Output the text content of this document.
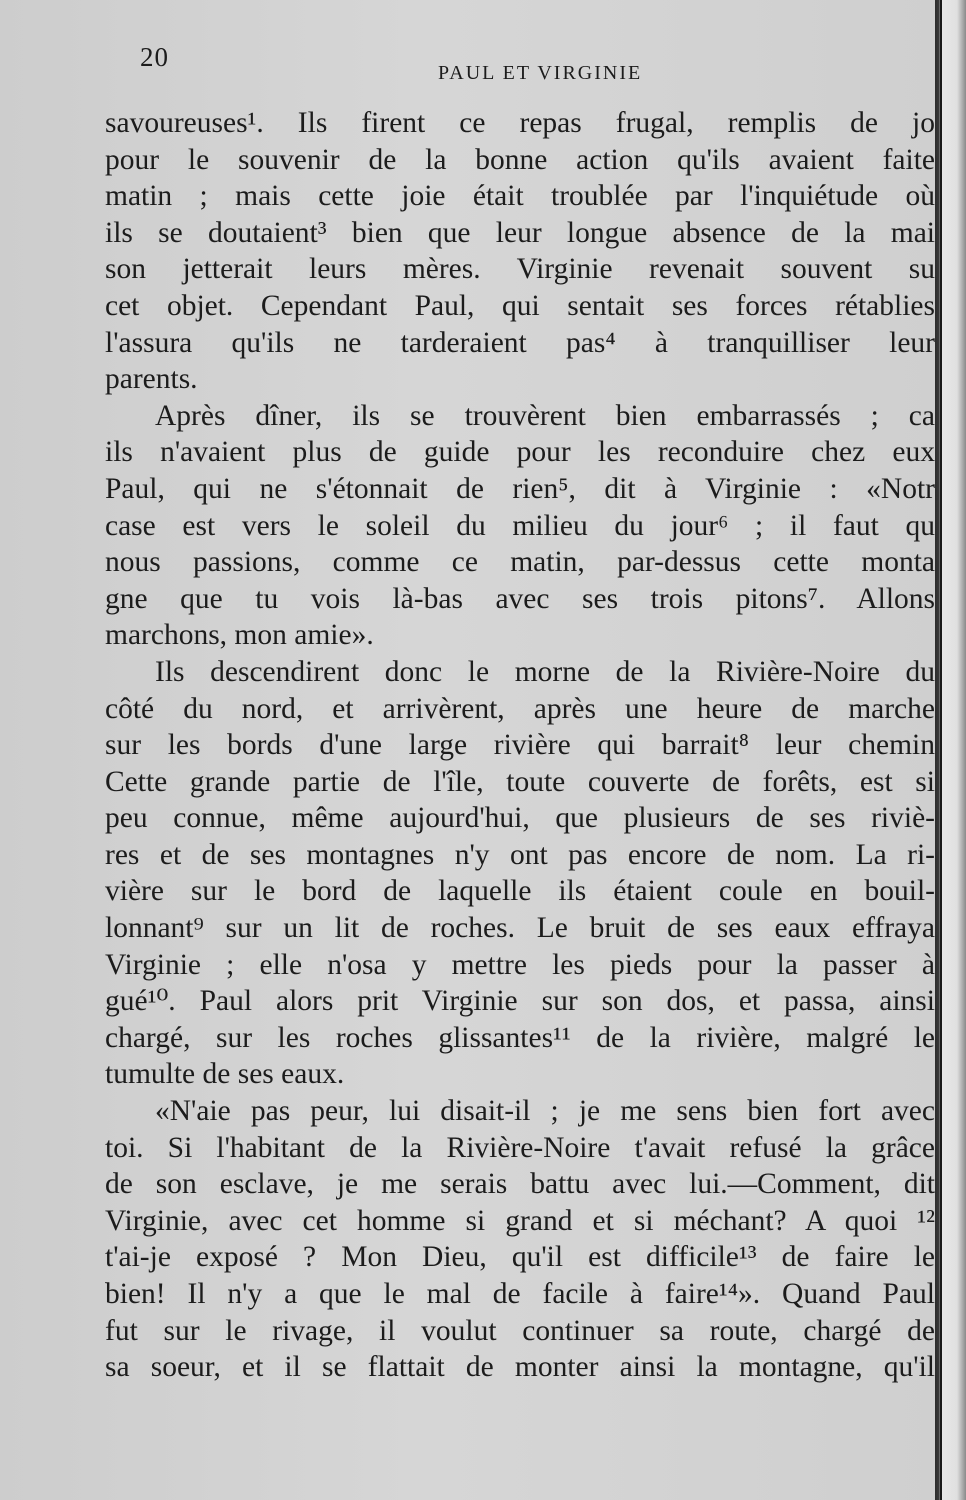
20
PAUL ET VIRGINIE
savoureuses¹. Ils firent ce repas frugal, remplis de jo
pour le souvenir de la bonne action qu'ils avaient faite
matin ; mais cette joie était troublée par l'inquiétude où
ils se doutaient³ bien que leur longue absence de la mai
son jetterait leurs mères. Virginie revenait souvent su
cet objet. Cependant Paul, qui sentait ses forces rétablies
l'assura qu'ils ne tarderaient pas⁴ à tranquilliser leur
parents.
Après dîner, ils se trouvèrent bien embarrassés ; ca
ils n'avaient plus de guide pour les reconduire chez eux
Paul, qui ne s'étonnait de rien⁵, dit à Virginie : «Notr
case est vers le soleil du milieu du jour⁶ ; il faut qu
nous passions, comme ce matin, par-dessus cette monta
gne que tu vois là-bas avec ses trois pitons⁷. Allons
marchons, mon amie».
Ils descendirent donc le morne de la Rivière-Noire du
côté du nord, et arrivèrent, après une heure de marche
sur les bords d'une large rivière qui barrait⁸ leur chemin
Cette grande partie de l'île, toute couverte de forêts, est si
peu connue, même aujourd'hui, que plusieurs de ses riviè-
res et de ses montagnes n'y ont pas encore de nom. La ri-
vière sur le bord de laquelle ils étaient coule en bouil-
lonnant⁹ sur un lit de roches. Le bruit de ses eaux effraya
Virginie ; elle n'osa y mettre les pieds pour la passer à
gué¹⁰. Paul alors prit Virginie sur son dos, et passa, ainsi
chargé, sur les roches glissantes¹¹ de la rivière, malgré le
tumulte de ses eaux.
«N'aie pas peur, lui disait-il ; je me sens bien fort avec
toi. Si l'habitant de la Rivière-Noire t'avait refusé la grâce
de son esclave, je me serais battu avec lui.—Comment, dit
Virginie, avec cet homme si grand et si méchant? A quoi ¹²
t'ai-je exposé ? Mon Dieu, qu'il est difficile¹³ de faire le
bien! Il n'y a que le mal de facile à faire¹⁴». Quand Paul
fut sur le rivage, il voulut continuer sa route, chargé de
sa soeur, et il se flattait de monter ainsi la montagne, qu'il
